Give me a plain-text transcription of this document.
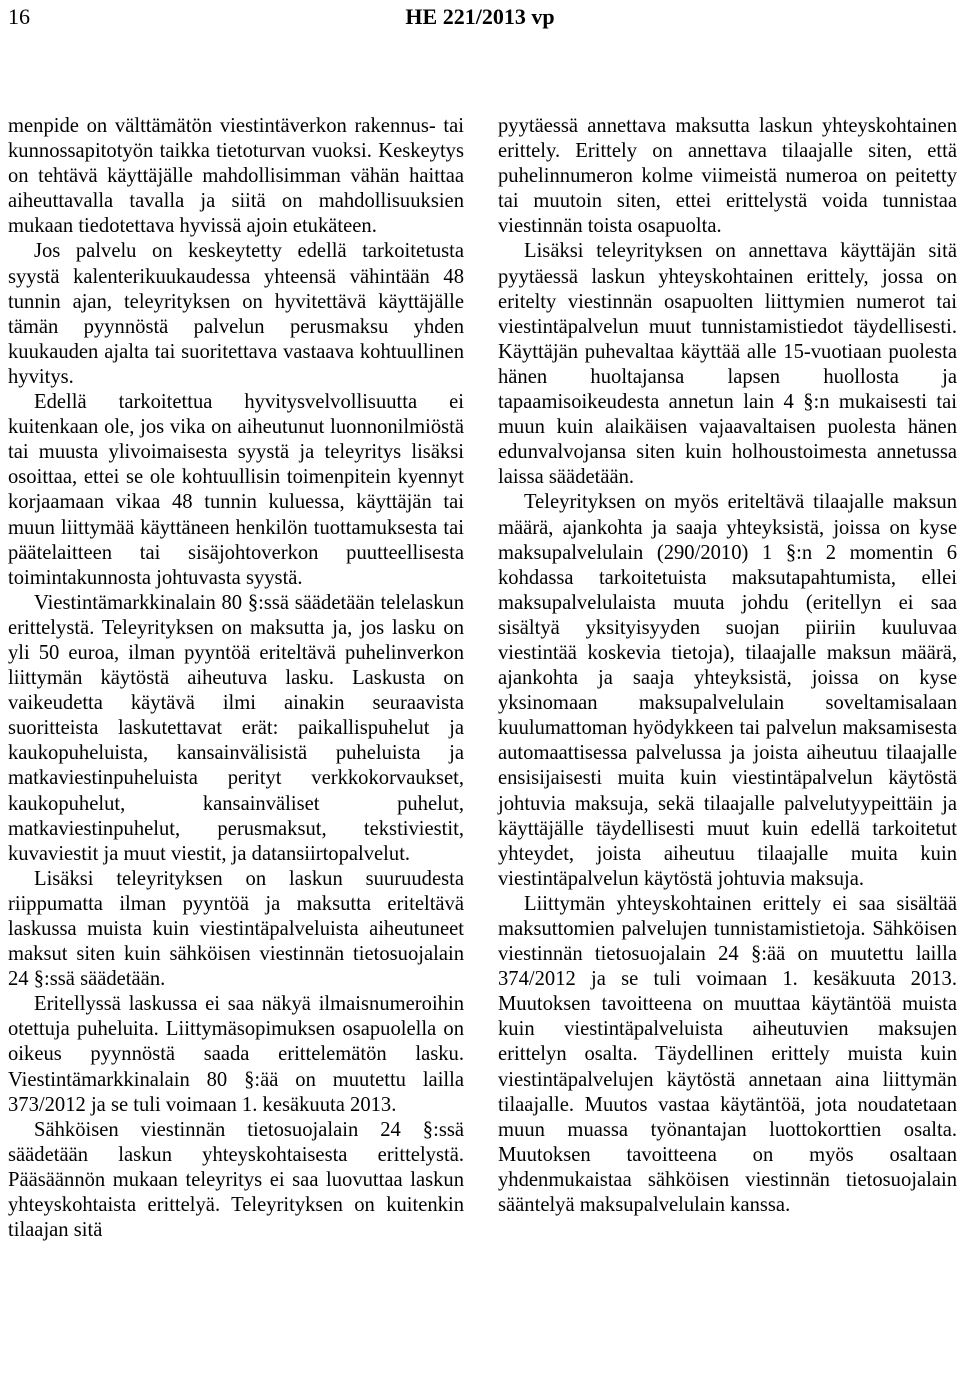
16	HE 221/2013 vp

menpide on välttämätön viestintäverkon rakennus- tai kunnossapitotyön taikka tietoturvan vuoksi. Keskeytys on tehtävä käyttäjälle mahdollisimman vähän haittaa aiheuttavalla tavalla ja siitä on mahdollisuuksien mukaan tiedotettava hyvissä ajoin etukäteen.

Jos palvelu on keskeytetty edellä tarkoitetusta syystä kalenterikuukaudessa yhteensä vähintään 48 tunnin ajan, teleyrityksen on hyvitettävä käyttäjälle tämän pyynnöstä palvelun perusmaksu yhden kuukauden ajalta tai suoritettava vastaava kohtuullinen hyvitys.

Edellä tarkoitettua hyvitysvelvollisuutta ei kuitenkaan ole, jos vika on aiheutunut luonnonilmiöstä tai muusta ylivoimaisesta syystä ja teleyritys lisäksi osoittaa, ettei se ole kohtuullisin toimenpitein kyennyt korjaamaan vikaa 48 tunnin kuluessa, käyttäjän tai muun liittymää käyttäneen henkilön tuottamuksesta tai päätelaitteen tai sisäjohtoverkon puutteellisesta toimintakunnosta johtuvasta syystä.

Viestintämarkkinalain 80 §:ssä säädetään telelaskun erittelystä. Teleyrityksen on maksutta ja, jos lasku on yli 50 euroa, ilman pyyntöä eriteltävä puhelinverkon liittymän käytöstä aiheutuva lasku. Laskusta on vaikeudetta käytävä ilmi ainakin seuraavista suoritteista laskutettavat erät: paikallispuhelut ja kaukopuheluista, kansainvälisistä puheluista ja matkaviestinpuheluista perityt verkkokorvaukset, kaukopuhelut, kansainväliset puhelut, matkaviestinpuhelut, perusmaksut, tekstiviestit, kuvaviestit ja muut viestit, ja datansiirtopalvelut.

Lisäksi teleyrityksen on laskun suuruudesta riippumatta ilman pyyntöä ja maksutta eriteltävä laskussa muista kuin viestintäpalveluista aiheutuneet maksut siten kuin sähköisen viestinnän tietosuojalain 24 §:ssä säädetään.

Eritellyssä laskussa ei saa näkyä ilmaisnumeroihin otettuja puheluita. Liittymäsopimuksen osapuolella on oikeus pyynnöstä saada erittelemätön lasku. Viestintämarkkinalain 80 §:ää on muutettu lailla 373/2012 ja se tuli voimaan 1. kesäkuuta 2013.

Sähköisen viestinnän tietosuojalain 24 §:ssä säädetään laskun yhteyskohtaisesta erittelystä. Pääsäännön mukaan teleyritys ei saa luovuttaa laskun yhteyskohtaista erittelyä. Teleyrityksen on kuitenkin tilaajan sitä

pyytäessä annettava maksutta laskun yhteyskohtainen erittely. Erittely on annettava tilaajalle siten, että puhelinnumeron kolme viimeistä numeroa on peitetty tai muutoin siten, ettei erittelystä voida tunnistaa viestinnän toista osapuolta.

Lisäksi teleyrityksen on annettava käyttäjän sitä pyytäessä laskun yhteyskohtainen erittely, jossa on eritelty viestinnän osapuolten liittymien numerot tai viestintäpalvelun muut tunnistamistiedot täydellisesti. Käyttäjän puhevaltaa käyttää alle 15-vuotiaan puolesta hänen huoltajansa lapsen huollosta ja tapaamisoikeudesta annetun lain 4 §:n mukaisesti tai muun kuin alaikäisen vajaavaltaisen puolesta hänen edunvalvojansa siten kuin holhoustoimesta annetussa laissa säädetään.

Teleyrityksen on myös eriteltävä tilaajalle maksun määrä, ajankohta ja saaja yhteyksistä, joissa on kyse maksupalvelulain (290/2010) 1 §:n 2 momentin 6 kohdassa tarkoitetuista maksutapahtumista, ellei maksupalvelulaista muuta johdu (eritellyn ei saa sisältyä yksityisyyden suojan piiriin kuuluvaa viestintää koskevia tietoja), tilaajalle maksun määrä, ajankohta ja saaja yhteyksistä, joissa on kyse yksinomaan maksupalvelulain soveltamisalaan kuulumattoman hyödykkeen tai palvelun maksamisesta automaattisessa palvelussa ja joista aiheutuu tilaajalle ensisijaisesti muita kuin viestintäpalvelun käytöstä johtuvia maksuja, sekä tilaajalle palvelutyypeittäin ja käyttäjälle täydellisesti muut kuin edellä tarkoitetut yhteydet, joista aiheutuu tilaajalle muita kuin viestintäpalvelun käytöstä johtuvia maksuja.

Liittymän yhteyskohtainen erittely ei saa sisältää maksuttomien palvelujen tunnistamistietoja. Sähköisen viestinnän tietosuojalain 24 §:ää on muutettu lailla 374/2012 ja se tuli voimaan 1. kesäkuuta 2013. Muutoksen tavoitteena on muuttaa käytäntöä muista kuin viestintäpalveluista aiheutuvien maksujen erittelyn osalta. Täydellinen erittely muista kuin viestintäpalvelujen käytöstä annetaan aina liittymän tilaajalle. Muutos vastaa käytäntöä, jota noudatetaan muun muassa työnantajan luottokorttien osalta. Muutoksen tavoitteena on myös osaltaan yhdenmukaistaa sähköisen viestinnän tietosuojalain sääntelyä maksupalvelulain kanssa.
